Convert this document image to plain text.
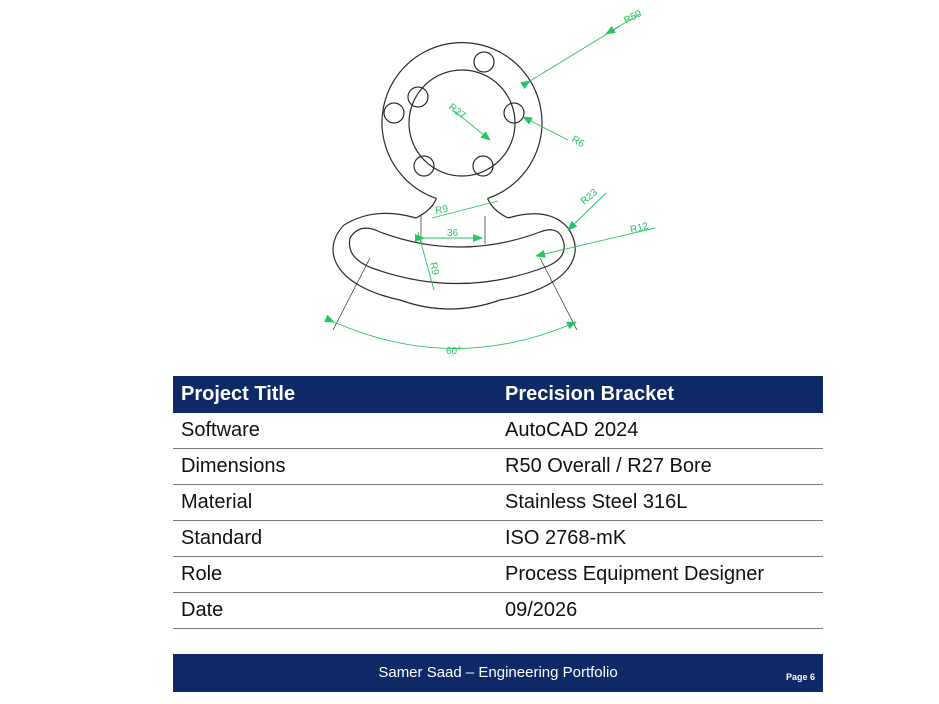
R50
R27
R6
R9
36
R9
R23
R12
60°
Project Title	Precision Bracket
Software	AutoCAD 2024
Dimensions	R50 Overall / R27 Bore
Material	Stainless Steel 316L
Standard	ISO 2768-mK
Role	Process Equipment Designer
Date	09/2026
Samer Saad – Engineering Portfolio	Page 6
